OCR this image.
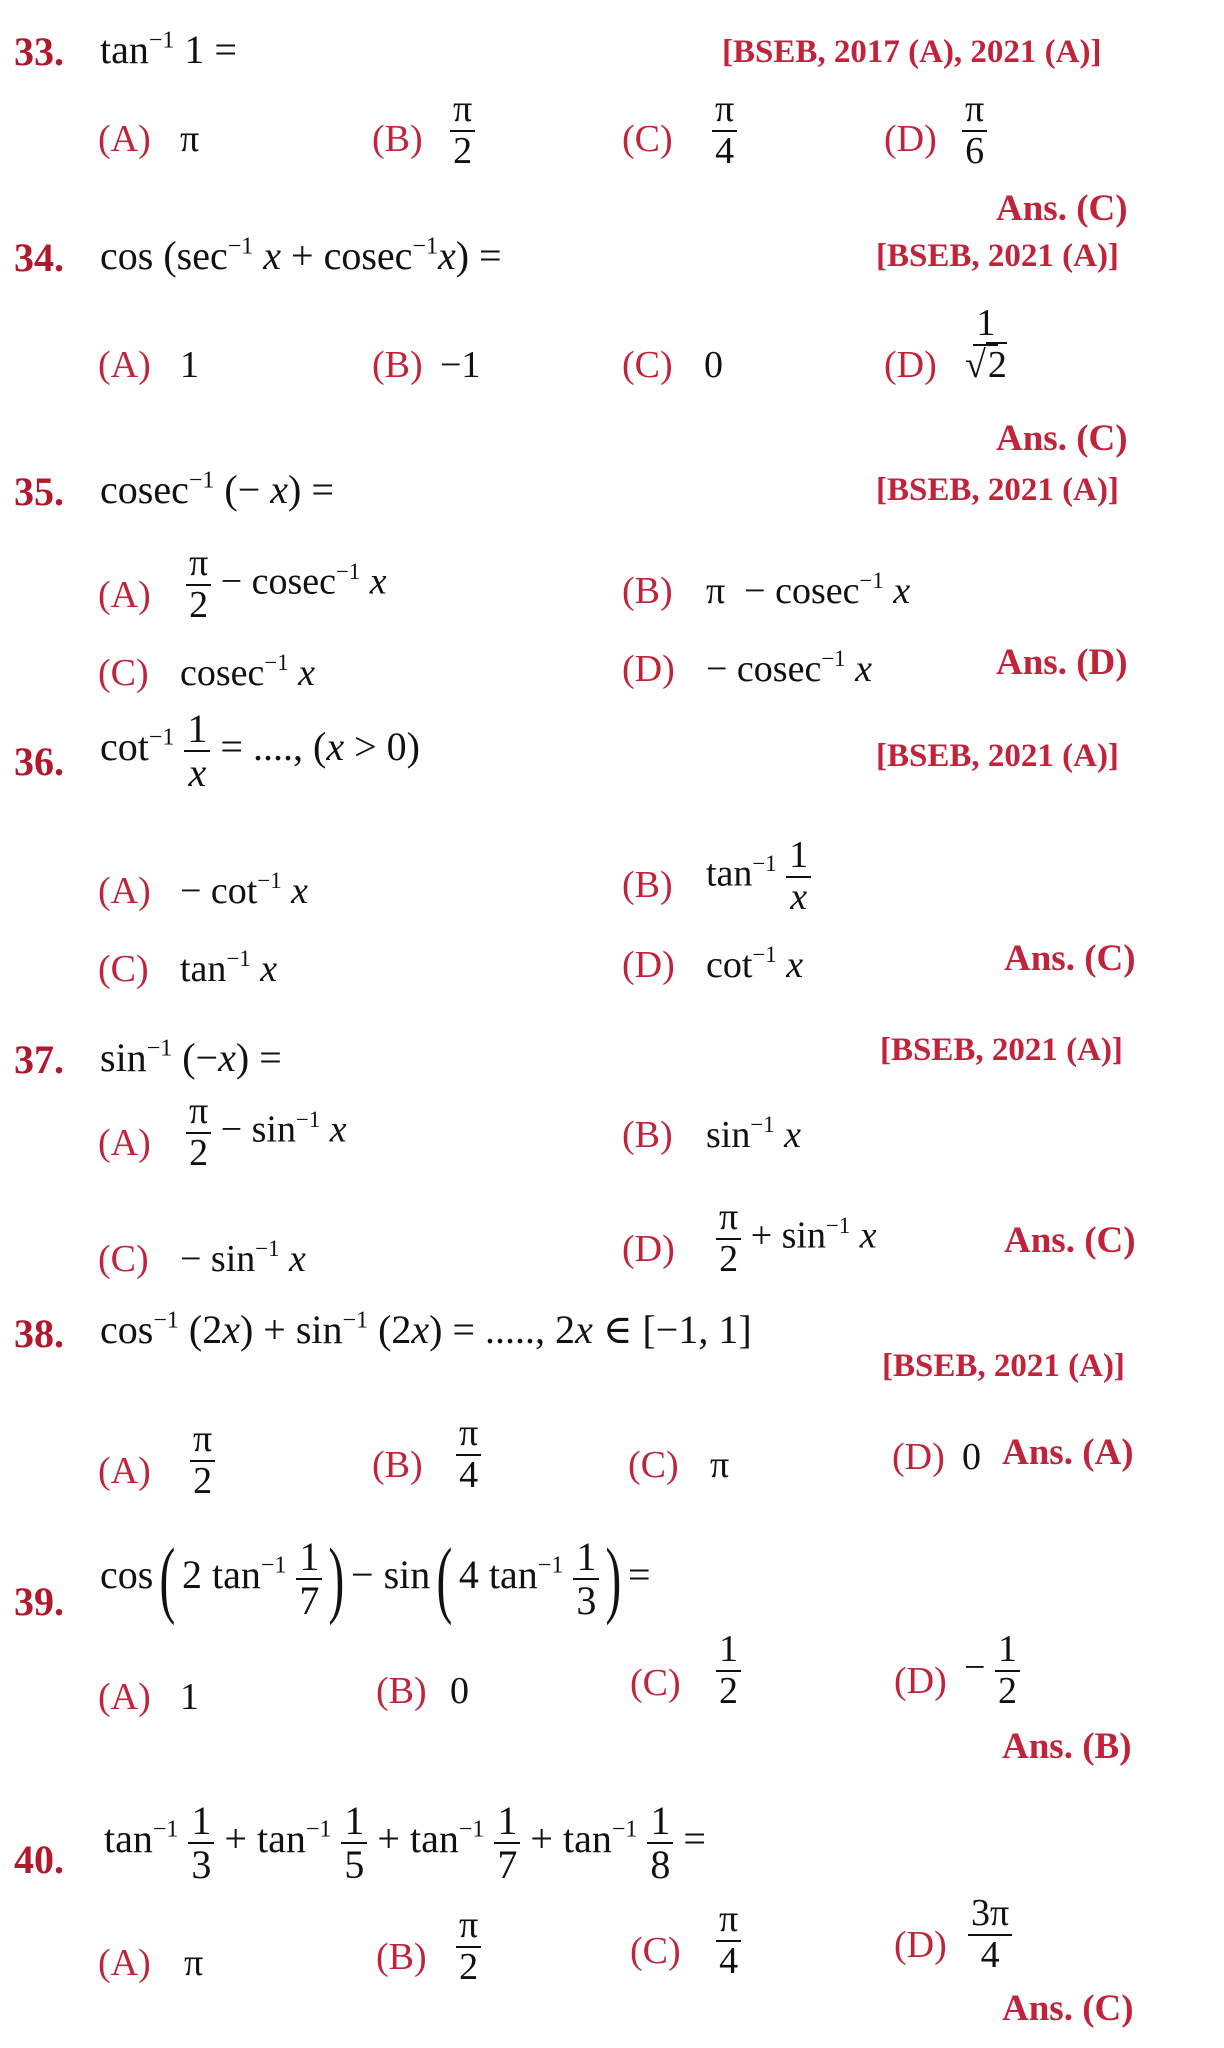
33. $\tan^{-1} 1$ =	[BSEB, 2017 (A), 2021 (A)]
(A) π	$(B) \frac{\pi}{2}$	$(C) \frac{\pi}{4}$	$(D) \frac{\pi}{6}$
Ans. (C)
34. $\cos (\sec^{-1}$ x + cosec$^{-1}$x) =	[BSEB, 2021 (A)]
(A) 1	(B) −1	(C) 0	$(D) \frac{1}{√2}$
Ans. (C)
35. cosec$^{-1}$ (− x) =	[BSEB, 2021 (A)]
$(A) \frac{\pi}{2} - cosec^{-1}$ x	(B) π  − cosec$^{-1}$ x
(C) cosec$^{-1}$ x	(D) − cosec$^{-1}$ x	Ans. (D)
36. $\cot^{-1} \frac{1}{x}$ = ...., (x > 0)	[BSEB, 2021 (A)]
$(A) - \cot^{-1} x$	(B) $\tan^{-1} \frac{1}{x}$
(C) $\tan^{-1} x$	(D) $\cot^{-1} x$	Ans. (C)
37. $\sin^{-1} (-x)$ =	[BSEB, 2021 (A)]
$(A) \frac{\pi}{2} - \sin^{-1} x$	(B) $\sin^{-1} x$
$(C) - \sin^{-1} x$	$(D) \frac{\pi}{2} + \sin^{-1} x$	Ans. (C)
38. $\cos^{-1} (2x) + \sin^{-1} (2x)$ = ....., 2x ∈ [−1, 1]
[BSEB, 2021 (A)]
$(A) \frac{\pi}{2}$	$(B) \frac{\pi}{4}$	(C) π	(D) 0 Ans. (A)
39.
cos( 2 $\tan^{-1} \frac{1}{7}$ ) − sin( 4 $\tan^{-1} \frac{1}{3}$ ) =
(A) 1	(B) 0	$(C) \frac{1}{2}$	$(D) - \frac{1}{2}$
Ans. (B)
40. $\tan^{-1} \frac{1}{3} + \tan^{-1} \frac{1}{5} + \tan^{-1} \frac{1}{7} + \tan^{-1} \frac{1}{8}$ =
(A) π	$(B) \frac{\pi}{2}$	$(C) \frac{\pi}{4}$	$(D) \frac{3\pi}{4}$
Ans. (C)
